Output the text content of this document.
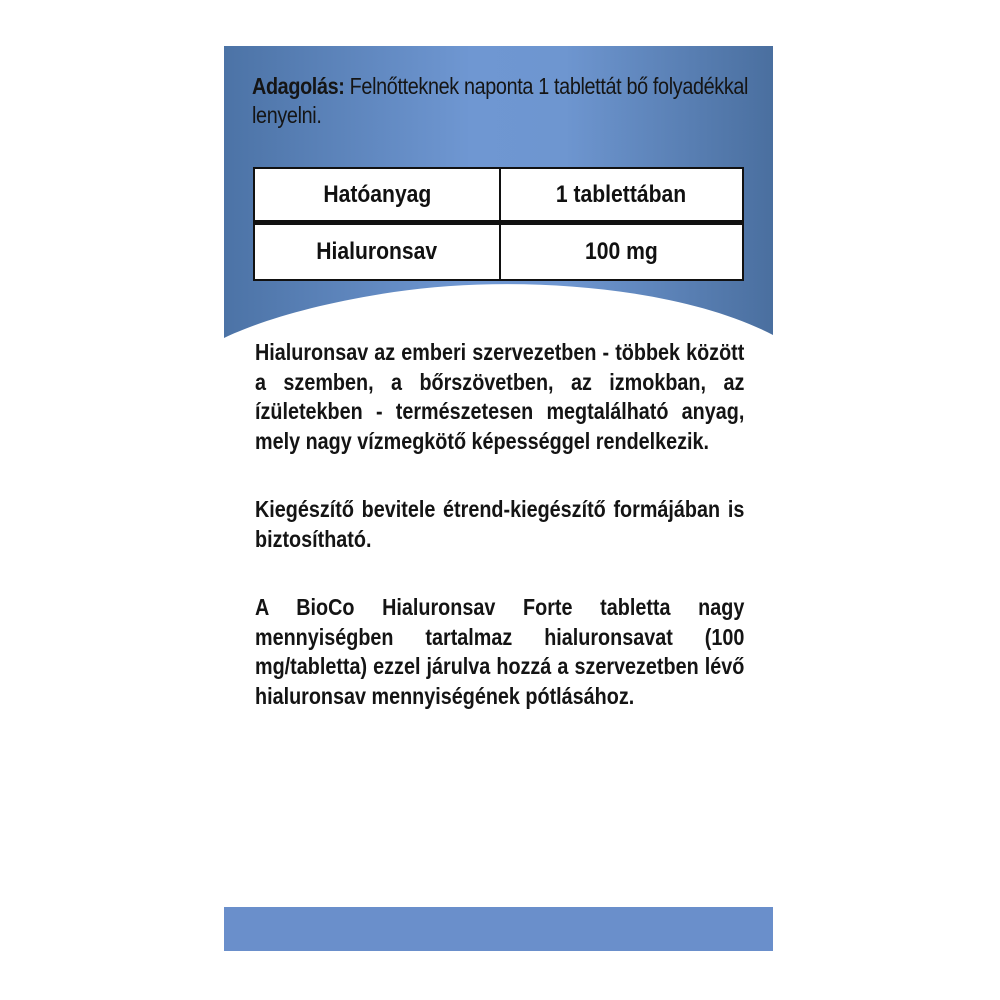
Adagolás: Felnőtteknek naponta 1 tablettát bő folyadékkal lenyelni.
Hatóanyag	1 tablettában
Hialuronsav	100 mg

Hialuronsav az emberi szervezetben - többek között a szemben, a bőrszövetben, az izmokban, az ízületekben - természetesen megtalálható anyag, mely nagy vízmegkötő képességgel rendelkezik.

Kiegészítő bevitele étrend-kiegészítő formájában is biztosítható.

A BioCo Hialuronsav Forte tabletta nagy mennyiségben tartalmaz hialuronsavat (100 mg/tabletta) ezzel járulva hozzá a szervezetben lévő hialuronsav mennyiségének pótlásához.
